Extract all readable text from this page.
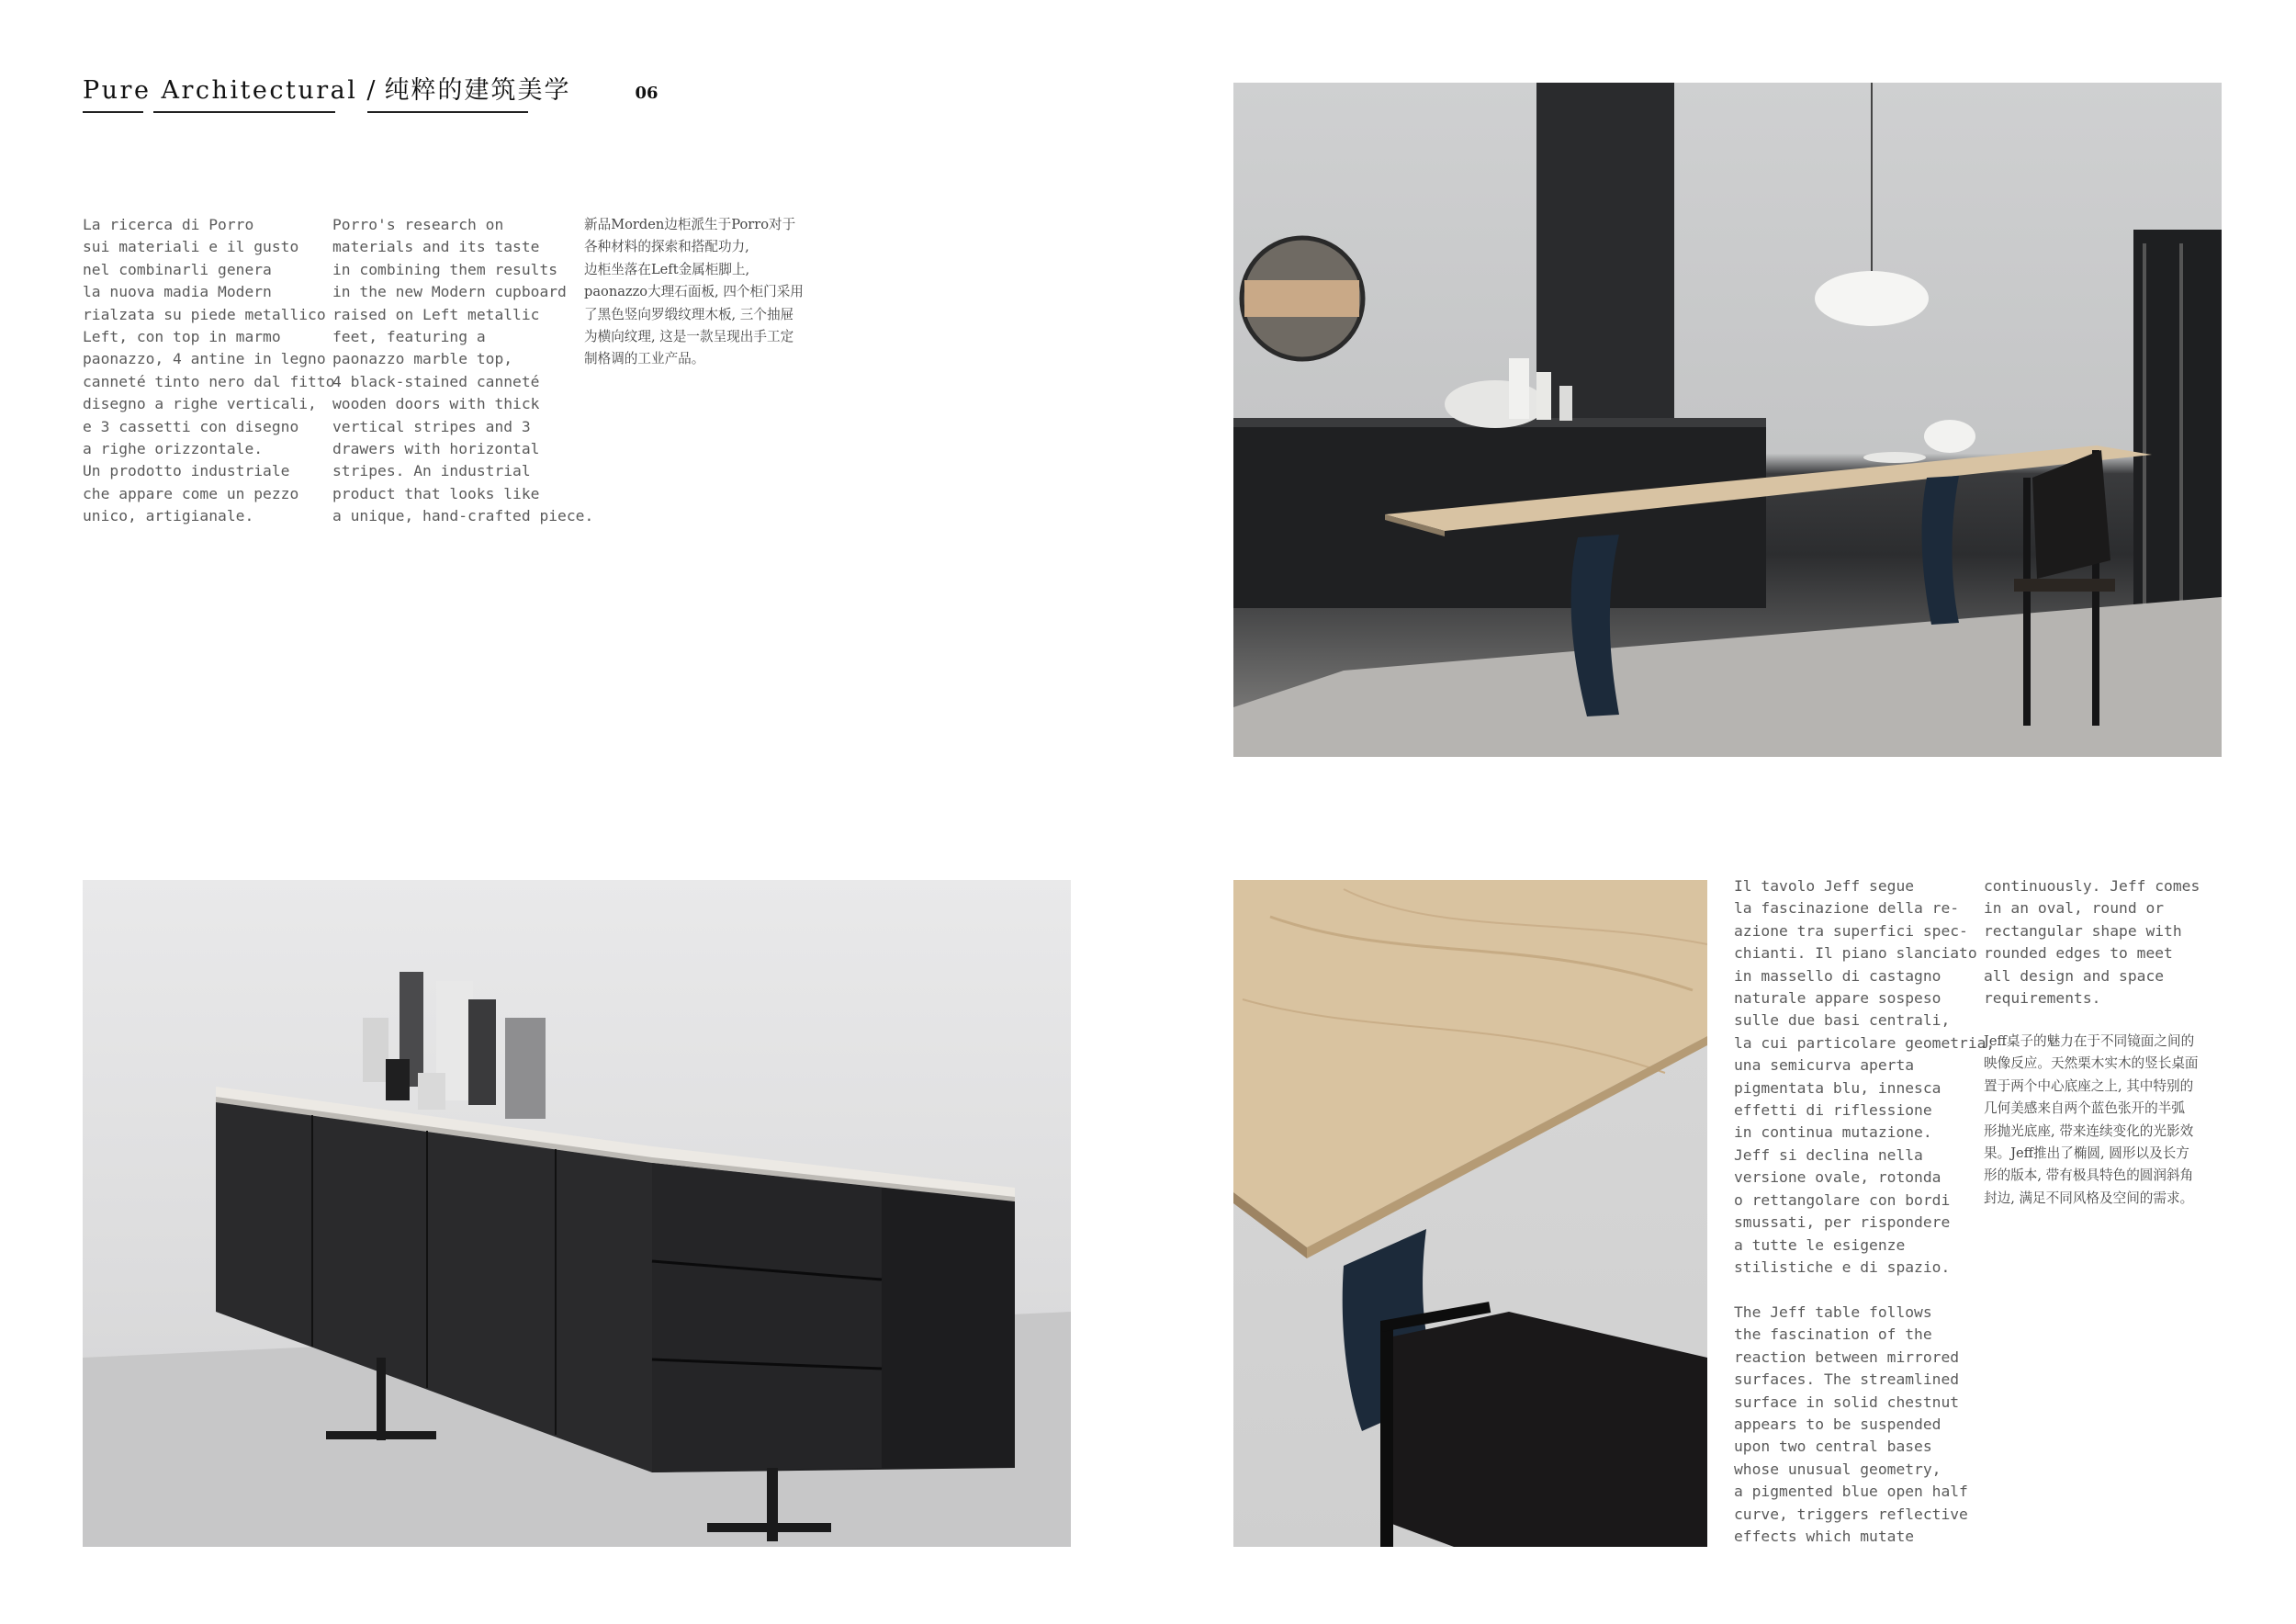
Pure Architectural / 纯粹的建筑美学	06
La ricerca di Porro
sui materiali e il gusto
nel combinarli genera
la nuova madia Modern
rialzata su piede metallico
Left, con top in marmo
paonazzo, 4 antine in legno
canneté tinto nero dal fitto
disegno a righe verticali,
e 3 cassetti con disegno
a righe orizzontale.
Un prodotto industriale
che appare come un pezzo
unico, artigianale.
Porro's research on
materials and its taste
in combining them results
in the new Modern cupboard
raised on Left metallic
feet, featuring a
paonazzo marble top,
4 black-stained canneté
wooden doors with thick
vertical stripes and 3
drawers with horizontal
stripes. An industrial
product that looks like
a unique, hand-crafted piece.
新品Morden边柜派生于Porro对于
各种材料的探索和搭配功力,
边柜坐落在Left金属柜脚上,
paonazzo大理石面板, 四个柜门采用
了黑色竖向罗缎纹理木板, 三个抽屉
为横向纹理, 这是一款呈现出手工定
制格调的工业产品。
Il tavolo Jeff segue
la fascinazione della re-
azione tra superfici spec-
chianti. Il piano slanciato
in massello di castagno
naturale appare sospeso
sulle due basi centrali,
la cui particolare geometria,
una semicurva aperta
pigmentata blu, innesca
effetti di riflessione
in continua mutazione.
Jeff si declina nella
versione ovale, rotonda
o rettangolare con bordi
smussati, per rispondere
a tutte le esigenze
stilistiche e di spazio.
The Jeff table follows
the fascination of the
reaction between mirrored
surfaces. The streamlined
surface in solid chestnut
appears to be suspended
upon two central bases
whose unusual geometry,
a pigmented blue open half
curve, triggers reflective
effects which mutate
continuously. Jeff comes
in an oval, round or
rectangular shape with
rounded edges to meet
all design and space
requirements.
Jeff桌子的魅力在于不同镜面之间的
映像反应。天然栗木实木的竖长桌面
置于两个中心底座之上, 其中特别的
几何美感来自两个蓝色张开的半弧
形抛光底座, 带来连续变化的光影效
果。Jeff推出了椭圆, 圆形以及长方
形的版本, 带有极具特色的圆润斜角
封边, 满足不同风格及空间的需求。
